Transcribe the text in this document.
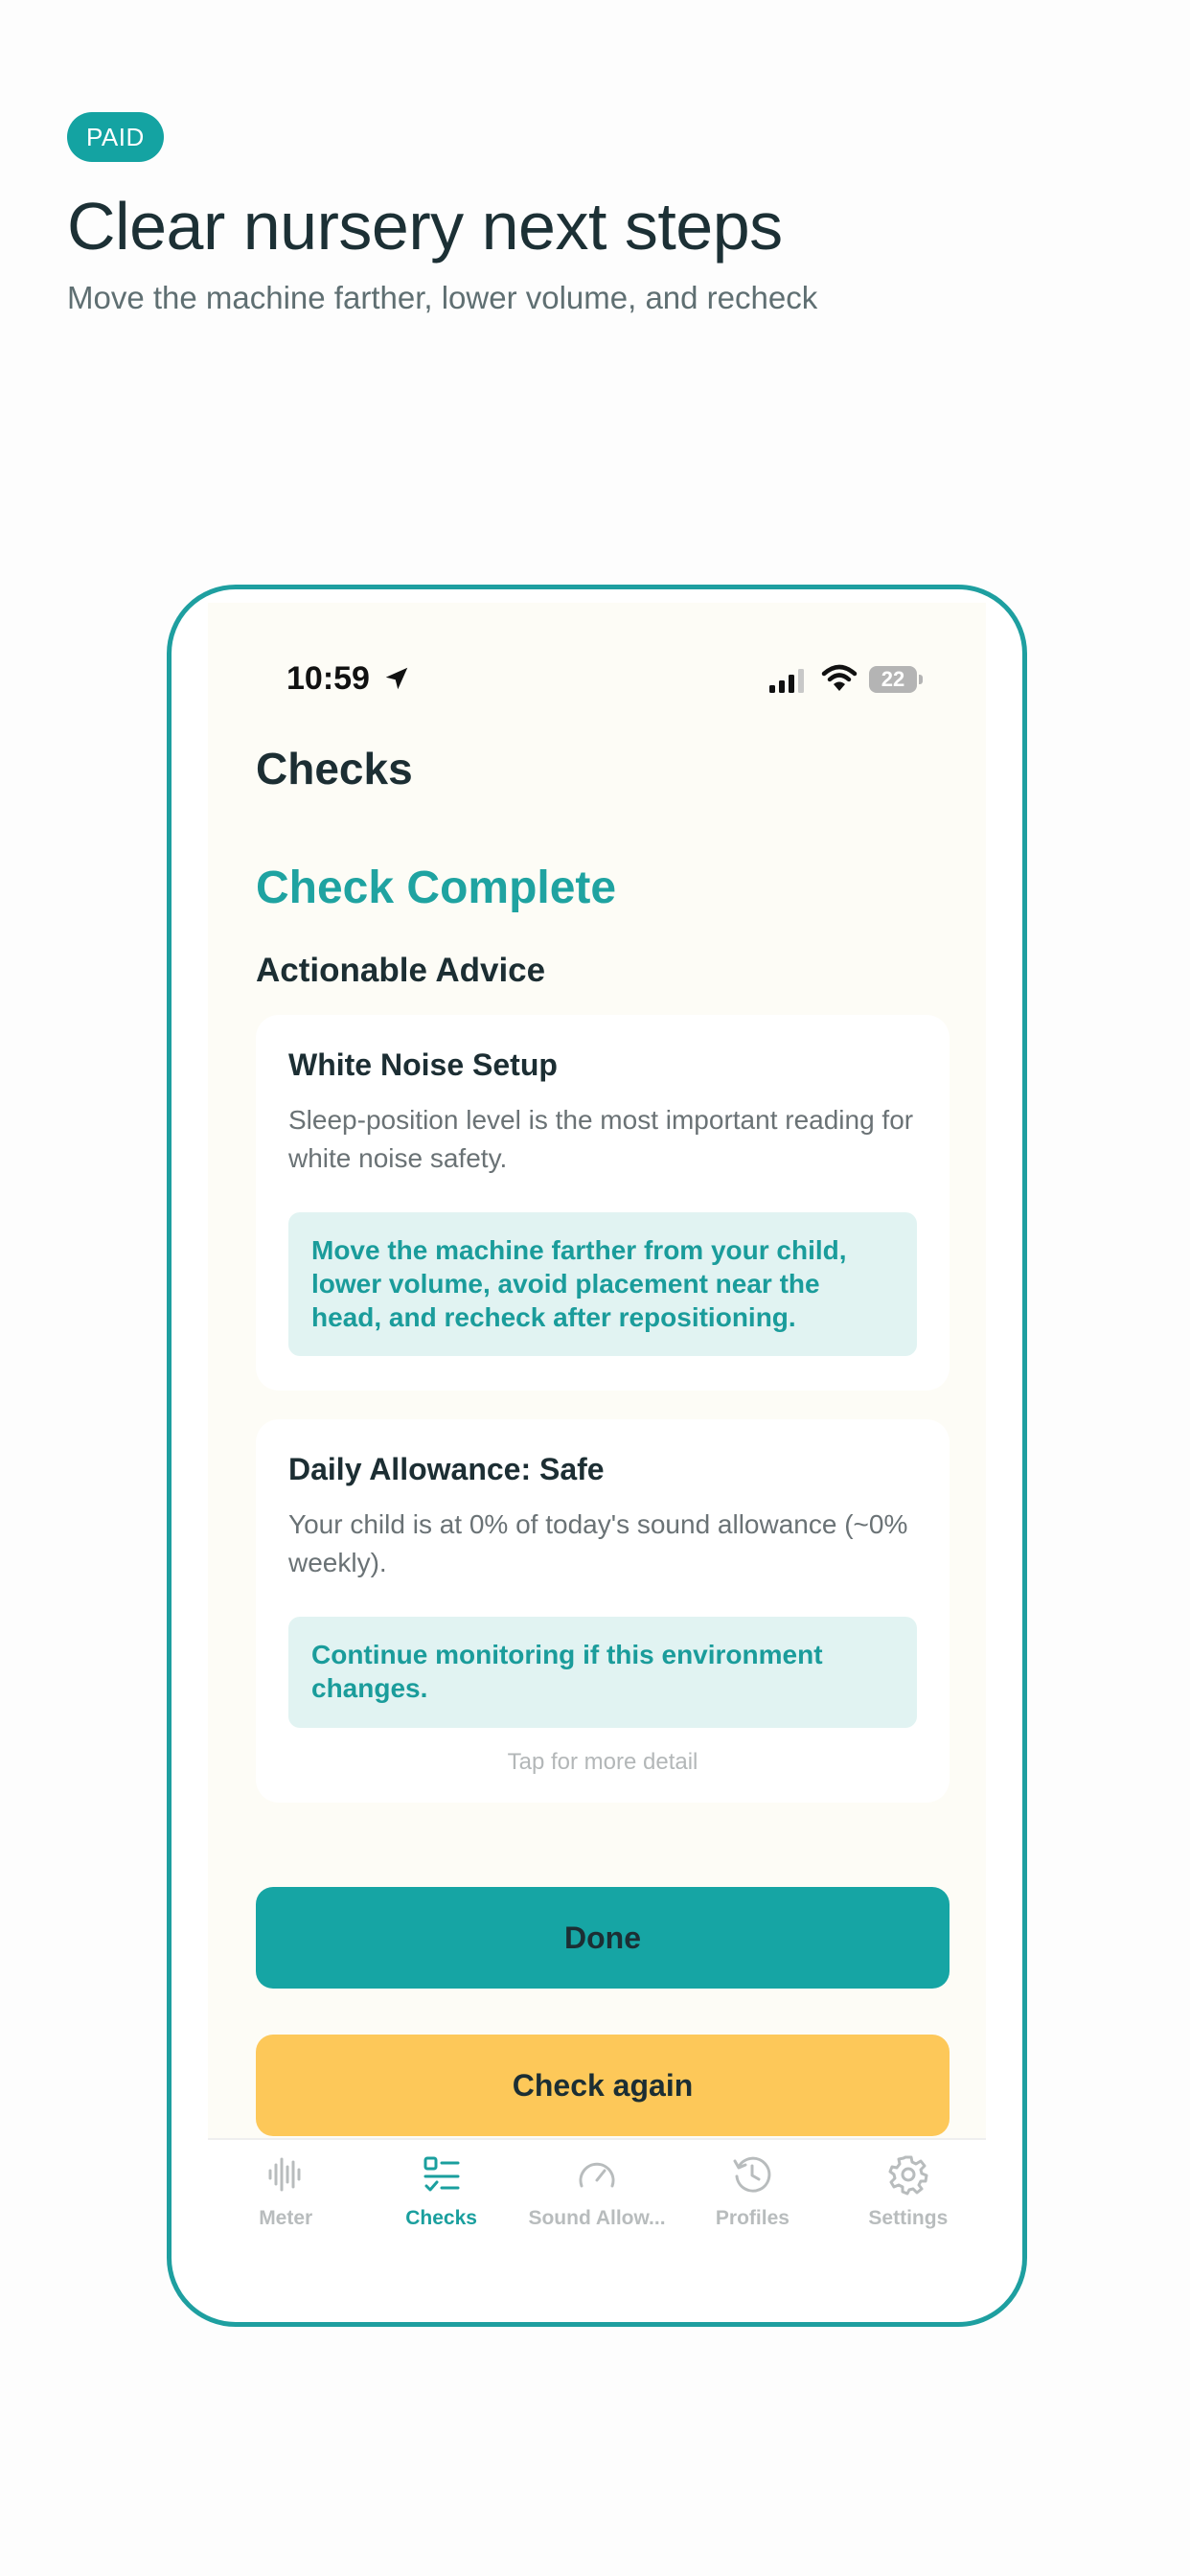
PAID
Clear nursery next steps
Move the machine farther, lower volume, and recheck
10:59	22
Checks
Check Complete
Actionable Advice
White Noise Setup
Sleep-position level is the most important reading for white noise safety.
Move the machine farther from your child, lower volume, avoid placement near the head, and recheck after repositioning.
Daily Allowance: Safe
Your child is at 0% of today's sound allowance (~0% weekly).
Continue monitoring if this environment changes.
Tap for more detail
Done
Check again
Meter	Checks	Sound Allow...	Profiles	Settings
